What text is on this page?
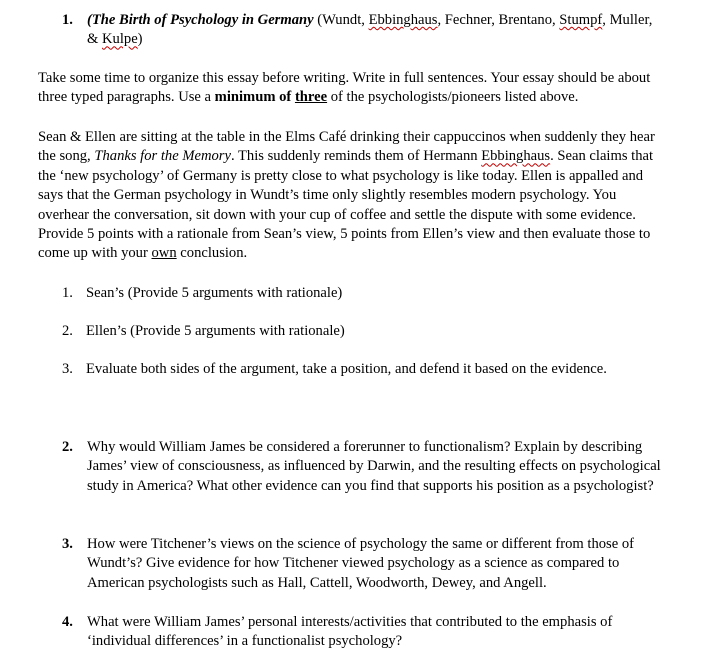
1. (The Birth of Psychology in Germany (Wundt, Ebbinghaus, Fechner, Brentano, Stumpf, Muller,

& Kulpe)

Take some time to organize this essay before writing. Write in full sentences. Your essay should be about three typed paragraphs. Use a minimum of three of the psychologists/pioneers listed above.
Sean & Ellen are sitting at the table in the Elms Café drinking their cappuccinos when suddenly they hear the song, Thanks for the Memory. This suddenly reminds them of Hermann Ebbinghaus. Sean claims that the ‘new psychology’ of Germany is pretty close to what psychology is like today. Ellen is appalled and says that the German psychology in Wundt’s time only slightly resembles modern psychology. You overhear the conversation, sit down with your cup of coffee and settle the dispute with some evidence. Provide 5 points with a rationale from Sean’s view, 5 points from Ellen’s view and then evaluate those to come up with your own conclusion.
1. Sean’s (Provide 5 arguments with rationale)
2. Ellen’s (Provide 5 arguments with rationale)
3. Evaluate both sides of the argument, take a position, and defend it based on the evidence.
2. Why would William James be considered a forerunner to functionalism? Explain by describing James’ view of consciousness, as influenced by Darwin, and the resulting effects on psychological study in America? What other evidence can you find that supports his position as a psychologist?
3. How were Titchener’s views on the science of psychology the same or different from those of Wundt’s? Give evidence for how Titchener viewed psychology as a science as compared to American psychologists such as Hall, Cattell, Woodworth, Dewey, and Angell.
4. What were William James’ personal interests/activities that contributed to the emphasis of ‘individual differences’ in a functionalist psychology?
